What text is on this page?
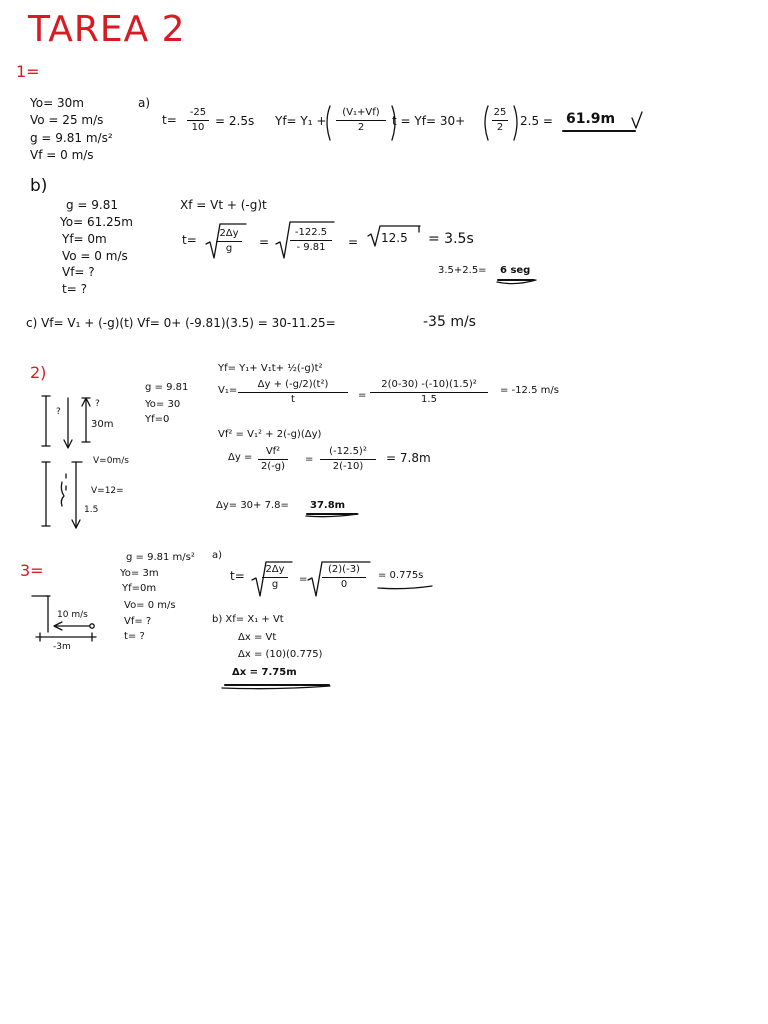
TAREA 2
1=
Yo= 30m
Vo = 25 m/s
g = 9.81 m/s²
Vf = 0 m/s
a)
t=
-25
10 = 2.5s Yf= Y₁ +
(V₁+Vf)
2 t = Yf= 30+
25
2 2.5 = 61.9m
b)
g = 9.81
Yo= 61.25m
Yf= 0m
Vo = 0 m/s
Vf= ?
t= ?
Xf = Vt + (-g)t
t= 2Δy
g =
-122.5
- 9.81 = 12.5 = 3.5s
3.5+2.5= 6 seg
c) Vf= V₁ + (-g)(t) Vf= 0+ (-9.81)(3.5) = 30-11.25=	-35 m/s
2)
g = 9.81
Yo= 30
Yf=0
?
?
30m
V=0m/s
V=12=
1.5
Yf= Y₁+ V₁t+ ½(-g)t²
V₁=
Δy + (-g/2)(t²)
t	=
2(0-30) -(-10)(1.5)²
1.5
= -12.5 m/s
Vf² = V₁² + 2(-g)(Δy)
Δy =
Vf²
2(-g)
=
(-12.5)²
2(-10)
= 7.8m
Δy= 30+ 7.8= 37.8m
3=
g = 9.81 m/s²
Yo= 3m
Yf=0m
Vo= 0 m/s
Vf= ?
t= ?
10 m/s
-3m
a)
t= 2Δy
g =
(2)(-3)
0
= 0.775s
b) Xf= X₁ + Vt
Δx = Vt
Δx = (10)(0.775)
Δx = 7.75m
